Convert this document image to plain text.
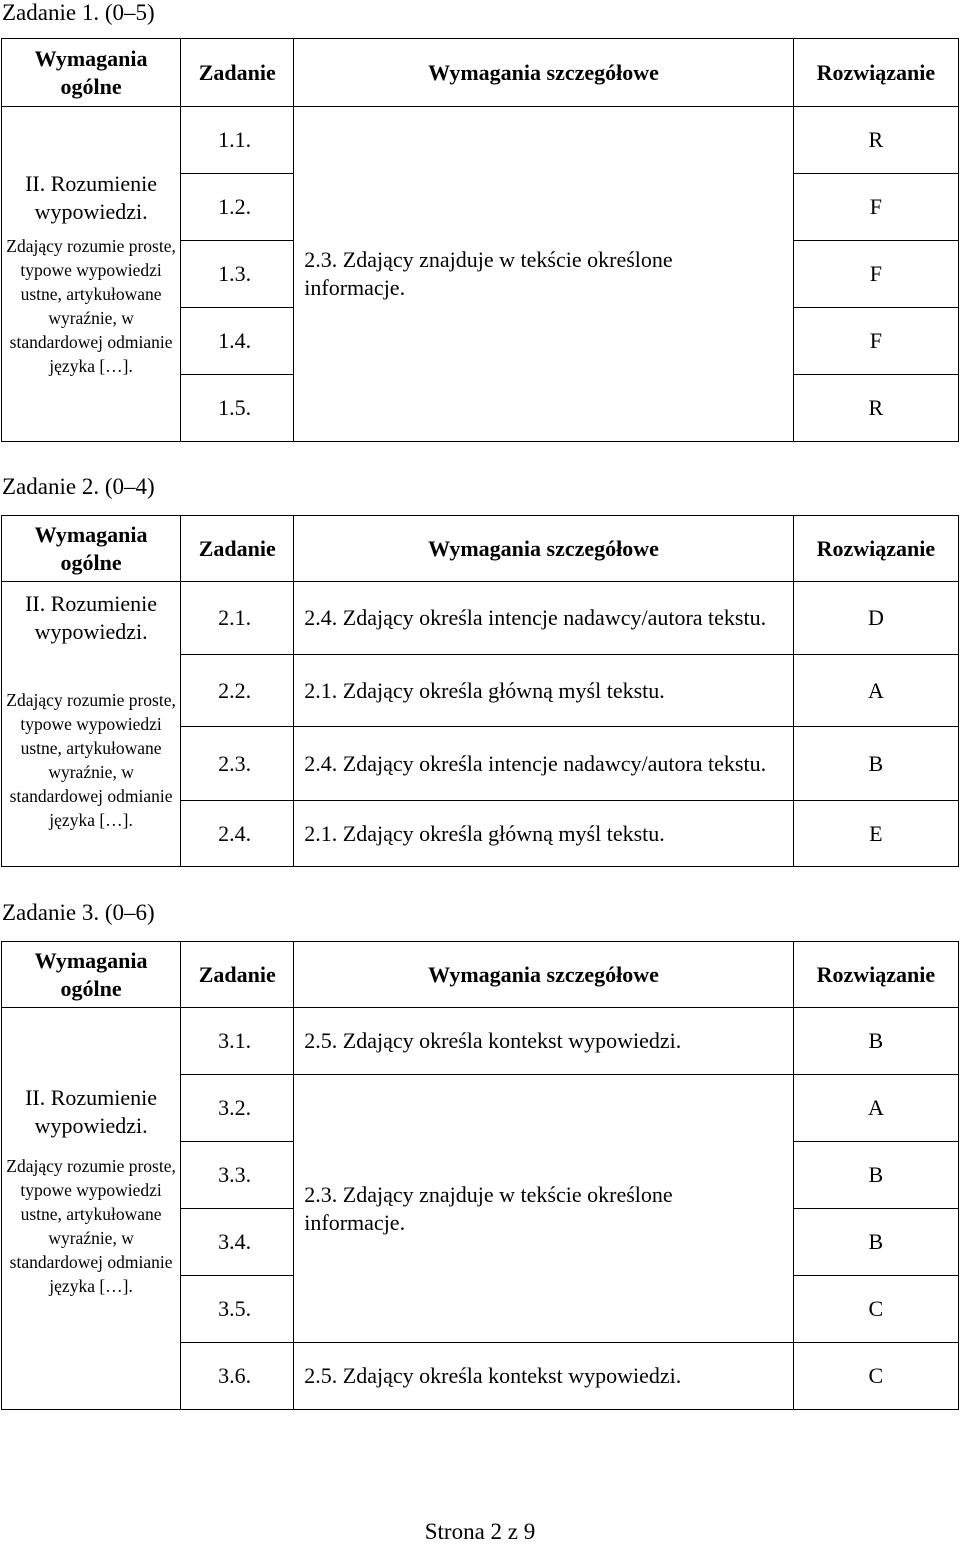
Zadanie 1. (0–5)
Wymagania ogólne	Zadanie	Wymagania szczegółowe	Rozwiązanie

II. Rozumienie wypowiedzi.
Zdający rozumie proste, typowe wypowiedzi ustne, artykułowane wyraźnie, w standardowej odmianie języka […].	1.1.	2.3. Zdający znajduje w tekście określone informacje.	R
	1.2.		F
	1.3.		F
	1.4.		F
	1.5.		R
Zadanie 2. (0–4)
Wymagania ogólne	Zadanie	Wymagania szczegółowe	Rozwiązanie

II. Rozumienie wypowiedzi.	2.1.	2.4. Zdający określa intencje nadawcy/autora tekstu.	D

Zdający rozumie proste, typowe wypowiedzi ustne, artykułowane wyraźnie, w standardowej odmianie języka […].	2.2.	2.1. Zdający określa główną myśl tekstu.	A
	2.3.	2.4. Zdający określa intencje nadawcy/autora tekstu.	B
	2.4.	2.1. Zdający określa główną myśl tekstu.	E
Zadanie 3. (0–6)
Wymagania ogólne	Zadanie	Wymagania szczegółowe	Rozwiązanie

II. Rozumienie wypowiedzi.	3.1.	2.5. Zdający określa kontekst wypowiedzi.	B
	3.2.	2.3. Zdający znajduje w tekście określone informacje.	A

Zdający rozumie proste, typowe wypowiedzi ustne, artykułowane wyraźnie, w standardowej odmianie języka […].	3.3.		B
	3.4.		B
	3.5.		C
	3.6.	2.5. Zdający określa kontekst wypowiedzi.	C
Strona 2 z 9
